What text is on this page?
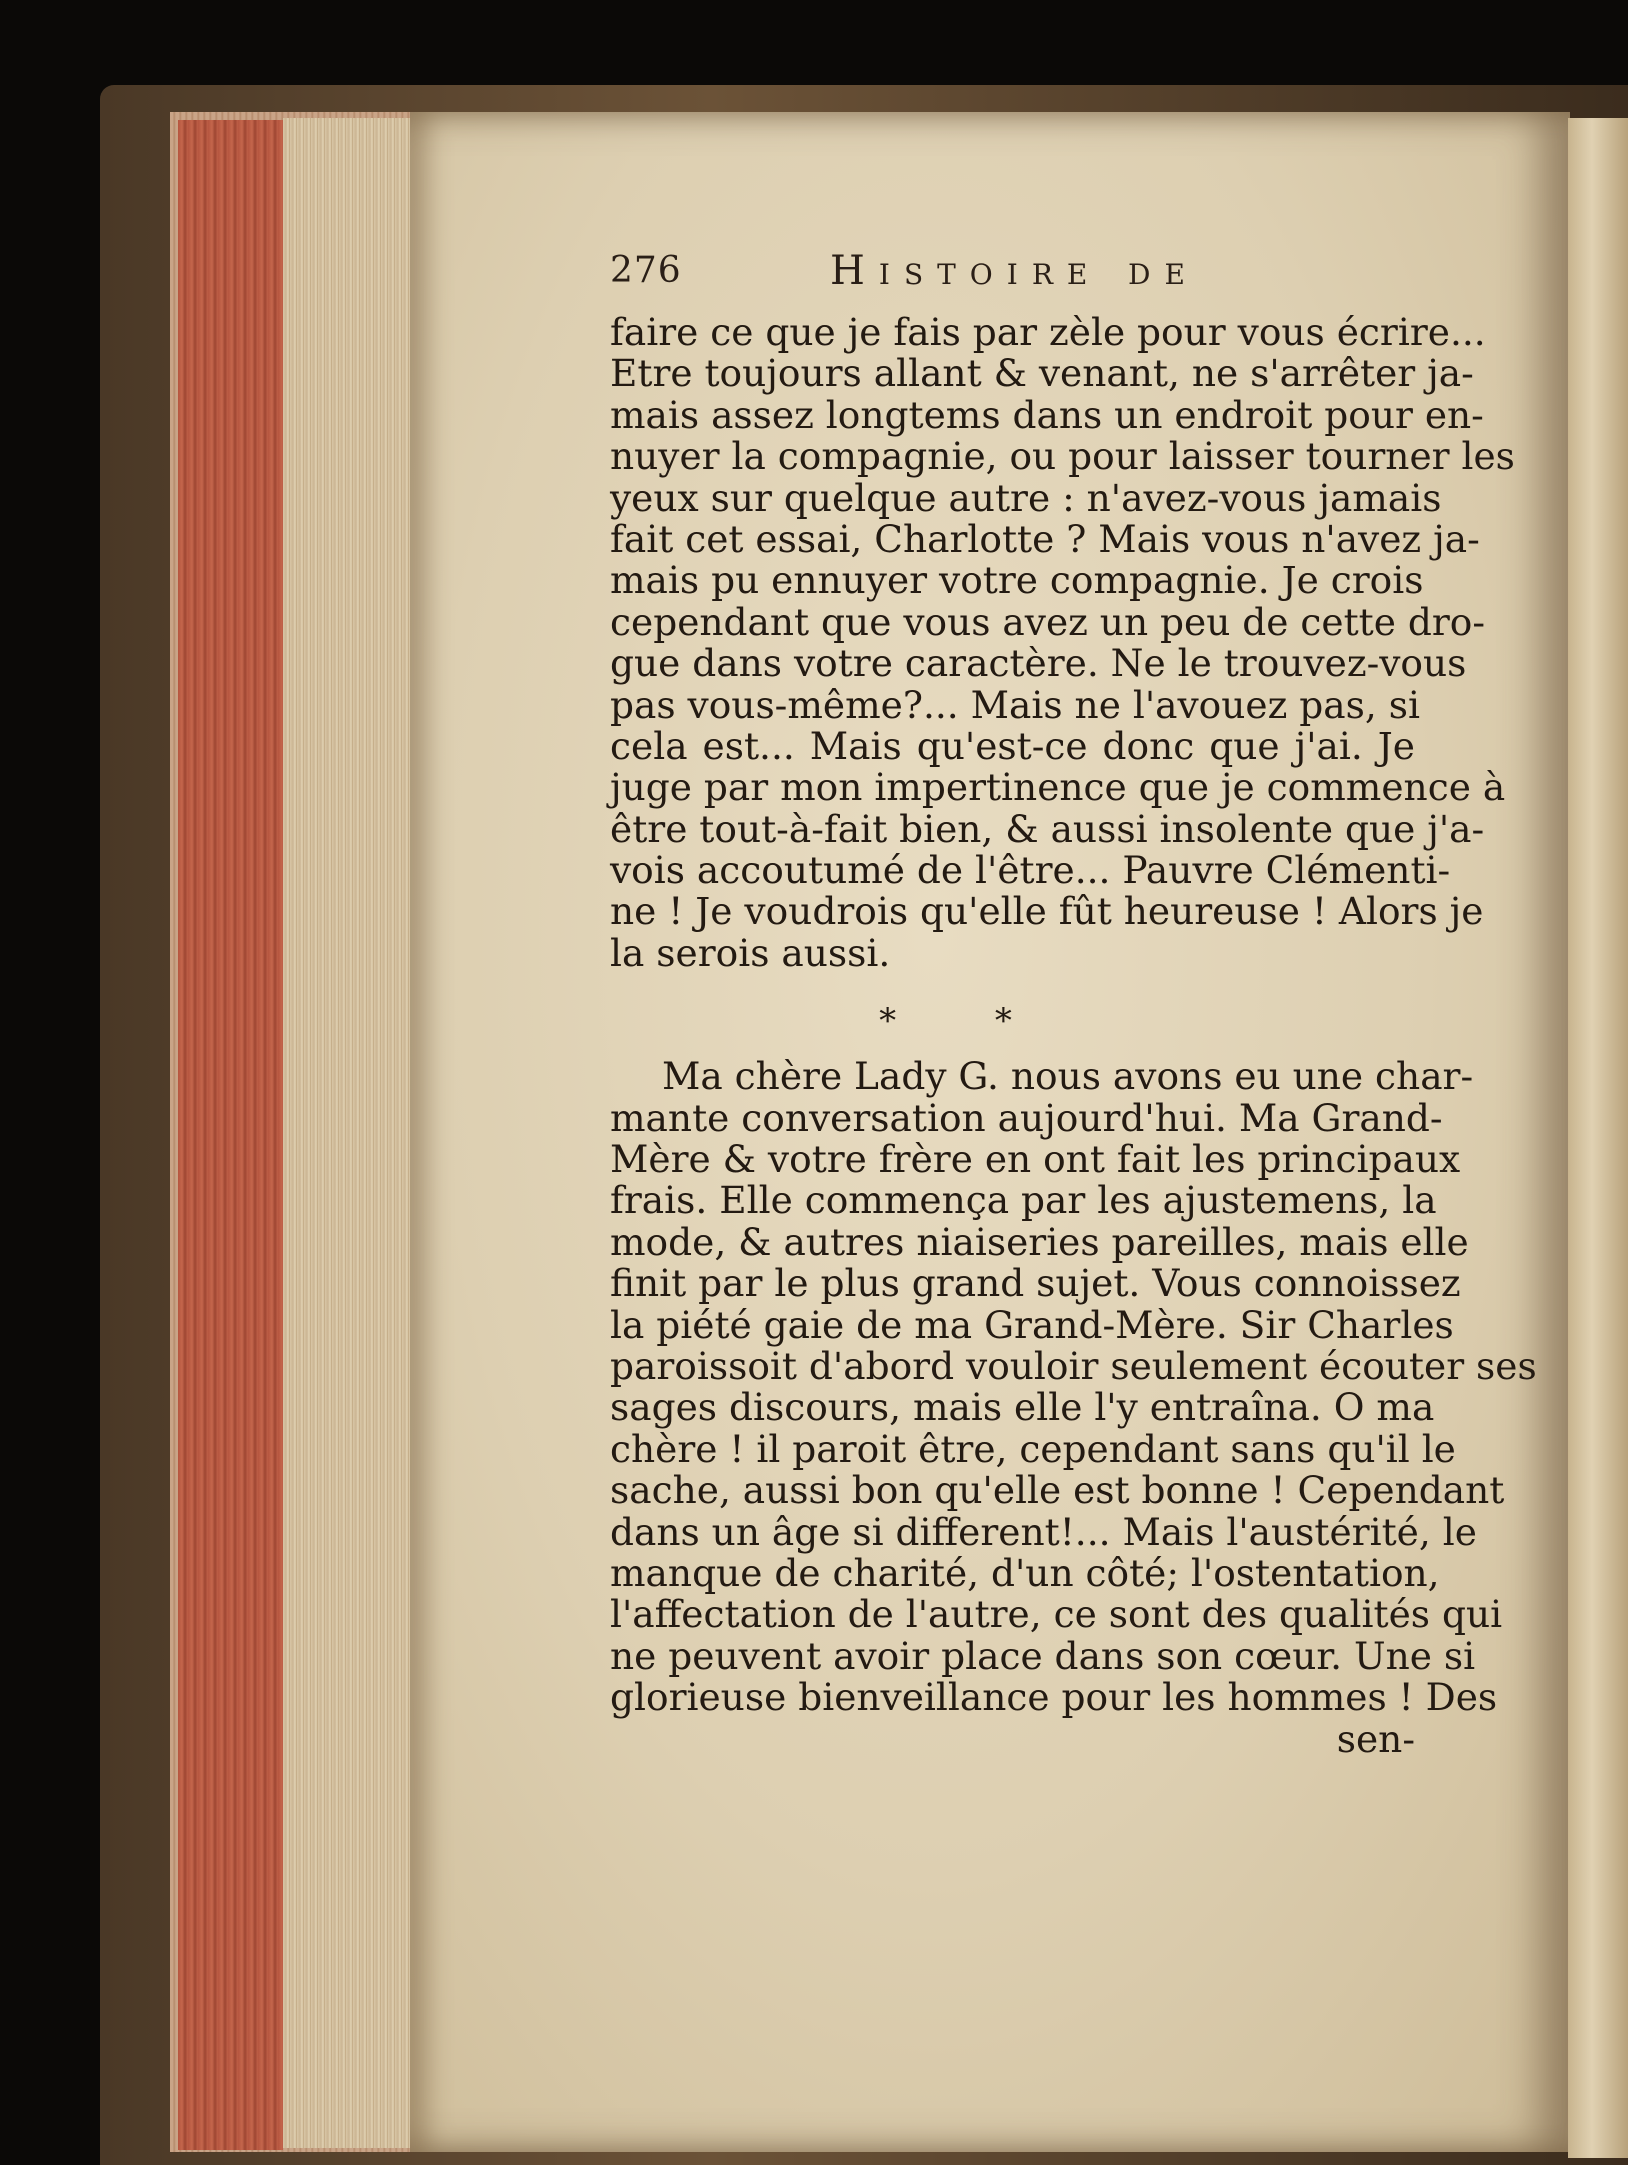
276	Histoire de
faire ce que je fais par zèle pour vous écrire...
Etre toujours allant & venant, ne s'arrêter ja-
mais assez longtems dans un endroit pour en-
nuyer la compagnie, ou pour laisser tourner les
yeux sur quelque autre : n'avez-vous jamais
fait cet essai, Charlotte ? Mais vous n'avez ja-
mais pu ennuyer votre compagnie. Je crois
cependant que vous avez un peu de cette dro-
gue dans votre caractère. Ne le trouvez-vous
pas vous-même?... Mais ne l'avouez pas, si
cela est... Mais qu'est-ce donc que j'ai. Je
juge par mon impertinence que je commence à
être tout-à-fait bien, & aussi insolente que j'a-
vois accoutumé de l'être... Pauvre Clémenti-
ne ! Je voudrois qu'elle fût heureuse ! Alors je
la serois aussi.
* *
Ma chère Lady G. nous avons eu une char-
mante conversation aujourd'hui. Ma Grand-
Mère & votre frère en ont fait les principaux
frais. Elle commença par les ajustemens, la
mode, & autres niaiseries pareilles, mais elle
finit par le plus grand sujet. Vous connoissez
la piété gaie de ma Grand-Mère. Sir Charles
paroissoit d'abord vouloir seulement écouter ses
sages discours, mais elle l'y entraîna. O ma
chère ! il paroit être, cependant sans qu'il le
sache, aussi bon qu'elle est bonne ! Cependant
dans un âge si different!... Mais l'austérité, le
manque de charité, d'un côté; l'ostentation,
l'affectation de l'autre, ce sont des qualités qui
ne peuvent avoir place dans son cœur. Une si
glorieuse bienveillance pour les hommes ! Des
sen-
